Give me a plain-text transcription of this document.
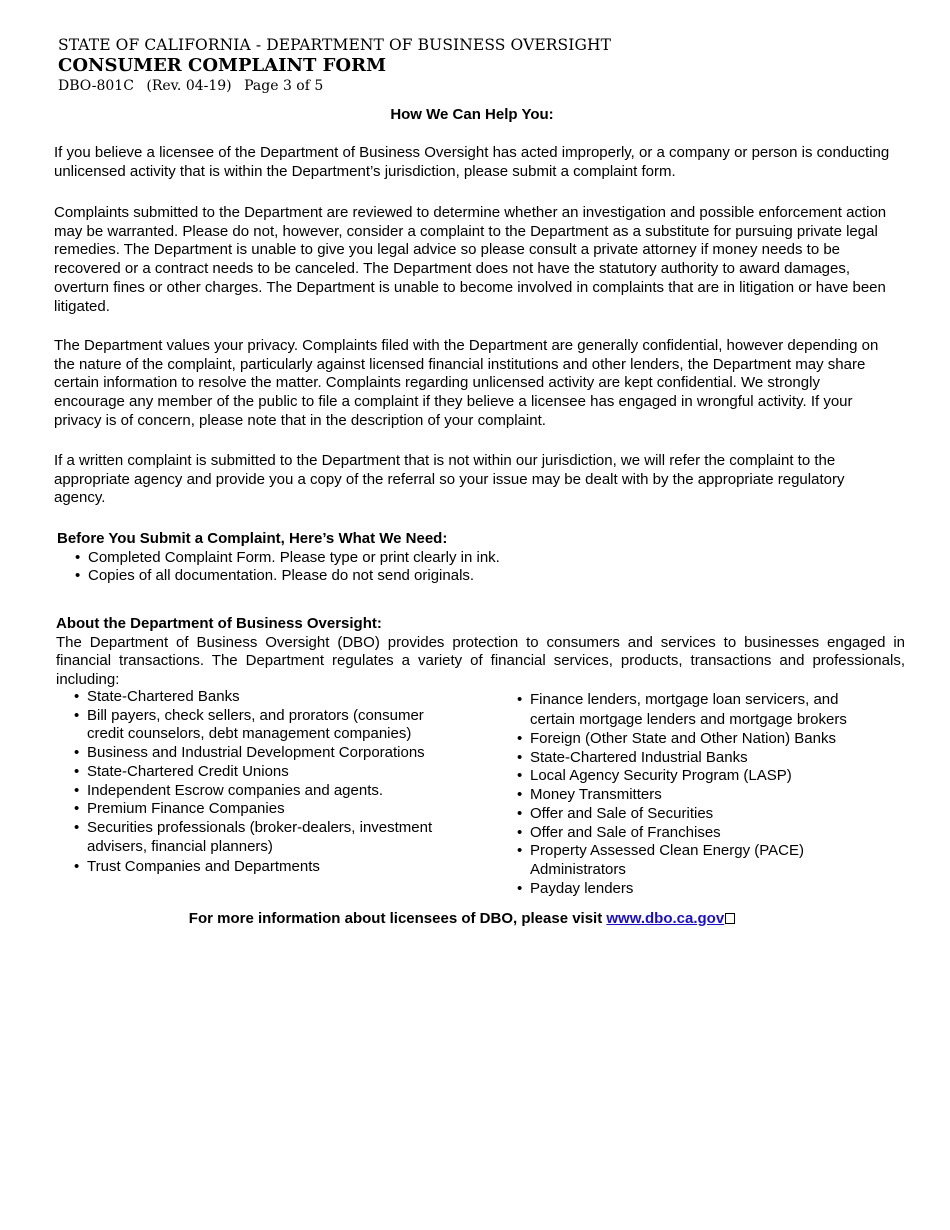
STATE OF CALIFORNIA - DEPARTMENT OF BUSINESS OVERSIGHT
CONSUMER COMPLAINT FORM
DBO-801C (Rev. 04-19) Page 3 of 5
How We Can Help You:

If you believe a licensee of the Department of Business Oversight has acted improperly, or a company or person is conducting unlicensed activity that is within the Department’s jurisdiction, please submit a complaint form.

Complaints submitted to the Department are reviewed to determine whether an investigation and possible enforcement action may be warranted. Please do not, however, consider a complaint to the Department as a substitute for pursuing private legal remedies. The Department is unable to give you legal advice so please consult a private attorney if money needs to be recovered or a contract needs to be canceled. The Department does not have the statutory authority to award damages, overturn fines or other charges. The Department is unable to become involved in complaints that are in litigation or have been litigated.

The Department values your privacy. Complaints filed with the Department are generally confidential, however depending on the nature of the complaint, particularly against licensed financial institutions and other lenders, the Department may share certain information to resolve the matter. Complaints regarding unlicensed activity are kept confidential. We strongly encourage any member of the public to file a complaint if they believe a licensee has engaged in wrongful activity. If your privacy is of concern, please note that in the description of your complaint.

If a written complaint is submitted to the Department that is not within our jurisdiction, we will refer the complaint to the appropriate agency and provide you a copy of the referral so your issue may be dealt with by the appropriate regulatory agency.

Before You Submit a Complaint, Here’s What We Need:
• Completed Complaint Form. Please type or print clearly in ink.
• Copies of all documentation. Please do not send originals.
About the Department of Business Oversight:

The Department of Business Oversight (DBO) provides protection to consumers and services to businesses engaged in financial transactions. The Department regulates a variety of financial services, products, transactions and professionals, including:

• State-Chartered Banks
• Bill payers, check sellers, and prorators (consumer credit counselors, debt management companies)
• Business and Industrial Development Corporations
• State-Chartered Credit Unions
• Independent Escrow companies and agents.
• Premium Finance Companies
• Securities professionals (broker-dealers, investment advisers, financial planners)
• Trust Companies and Departments
• Finance lenders, mortgage loan servicers, and certain mortgage lenders and mortgage brokers
• Foreign (Other State and Other Nation) Banks
• State-Chartered Industrial Banks
• Local Agency Security Program (LASP)
• Money Transmitters
• Offer and Sale of Securities
• Offer and Sale of Franchises
• Property Assessed Clean Energy (PACE) Administrators
• Payday lenders
For more information about licensees of DBO, please visit www.dbo.ca.gov
